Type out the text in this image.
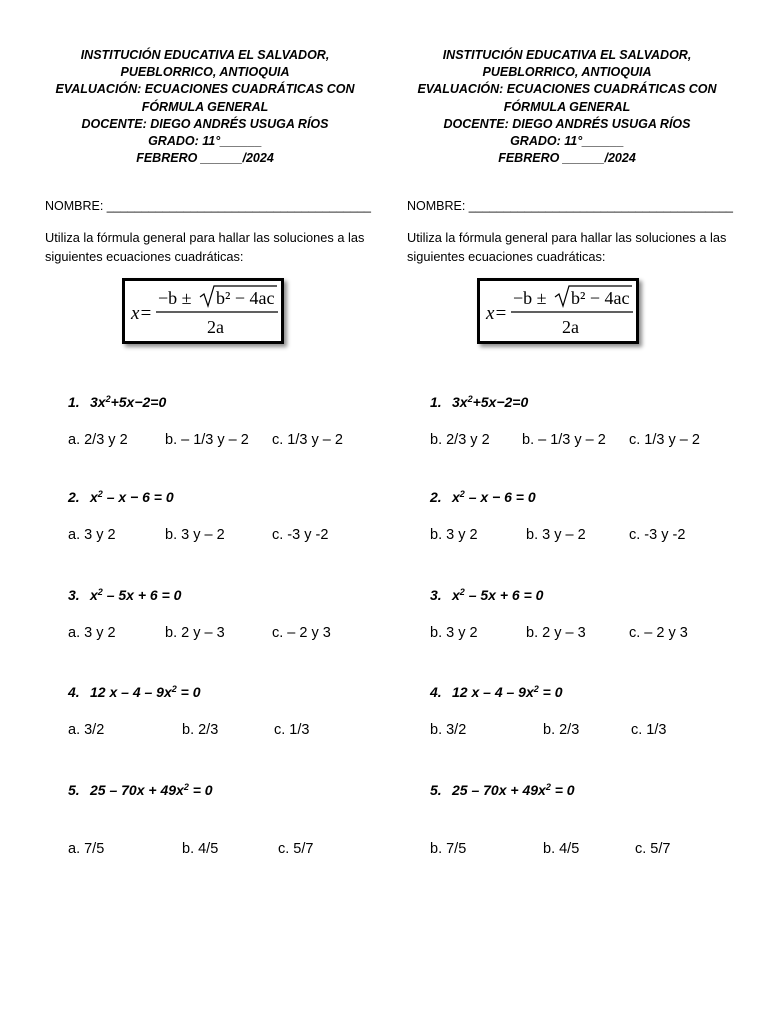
INSTITUCIÓN EDUCATIVA EL SALVADOR,
PUEBLORRICO, ANTIOQUIA
EVALUACIÓN: ECUACIONES CUADRÁTICAS CON
FÓRMULA GENERAL
DOCENTE: DIEGO ANDRÉS USUGA RÍOS
GRADO: 11°______
FEBRERO ______/2024
NOMBRE: ______________________________________
Utiliza la fórmula general para hallar las soluciones a las
siguientes ecuaciones cuadráticas:
x=
−b ± b² − 4ac
2a
1. $3x^2+5x-2=0$
a. 2/3 y 2	b. – 1/3 y – 2 c. 1/3 y – 2
2. $x^2 - x - 6 = 0$
a. 3 y 2	b. 3 y – 2	c. -3 y -2
3. $x^2 - 5x + 6 = 0$
a. 3 y 2	b. 2 y – 3	c. – 2 y 3
4. 12 $x - 4 - 9x^2 = 0$
a. 3/2	b. 2/3	c. 1/3
5. $25 - 70x + 49x^2 = 0$
a. 7/5	b. 4/5	c. 5/7
INSTITUCIÓN EDUCATIVA EL SALVADOR,
PUEBLORRICO, ANTIOQUIA
EVALUACIÓN: ECUACIONES CUADRÁTICAS CON
FÓRMULA GENERAL
DOCENTE: DIEGO ANDRÉS USUGA RÍOS
GRADO: 11°______
FEBRERO ______/2024
NOMBRE: ______________________________________
Utiliza la fórmula general para hallar las soluciones a las
siguientes ecuaciones cuadráticas:
x=
−b ± b² − 4ac
2a
1. $3x^2+5x-2=0$
b. 2/3 y 2 b. – 1/3 y – 2 c. 1/3 y – 2
2. $x^2 - x - 6 = 0$
b. 3 y 2	b. 3 y – 2	c. -3 y -2
3. $x^2 - 5x + 6 = 0$
b. 3 y 2	b. 2 y – 3	c. – 2 y 3
4. 12 $x - 4 - 9x^2 = 0$
b. 3/2	b. 2/3	c. 1/3
5. $25 - 70x + 49x^2 = 0$
b. 7/5	b. 4/5	c. 5/7
